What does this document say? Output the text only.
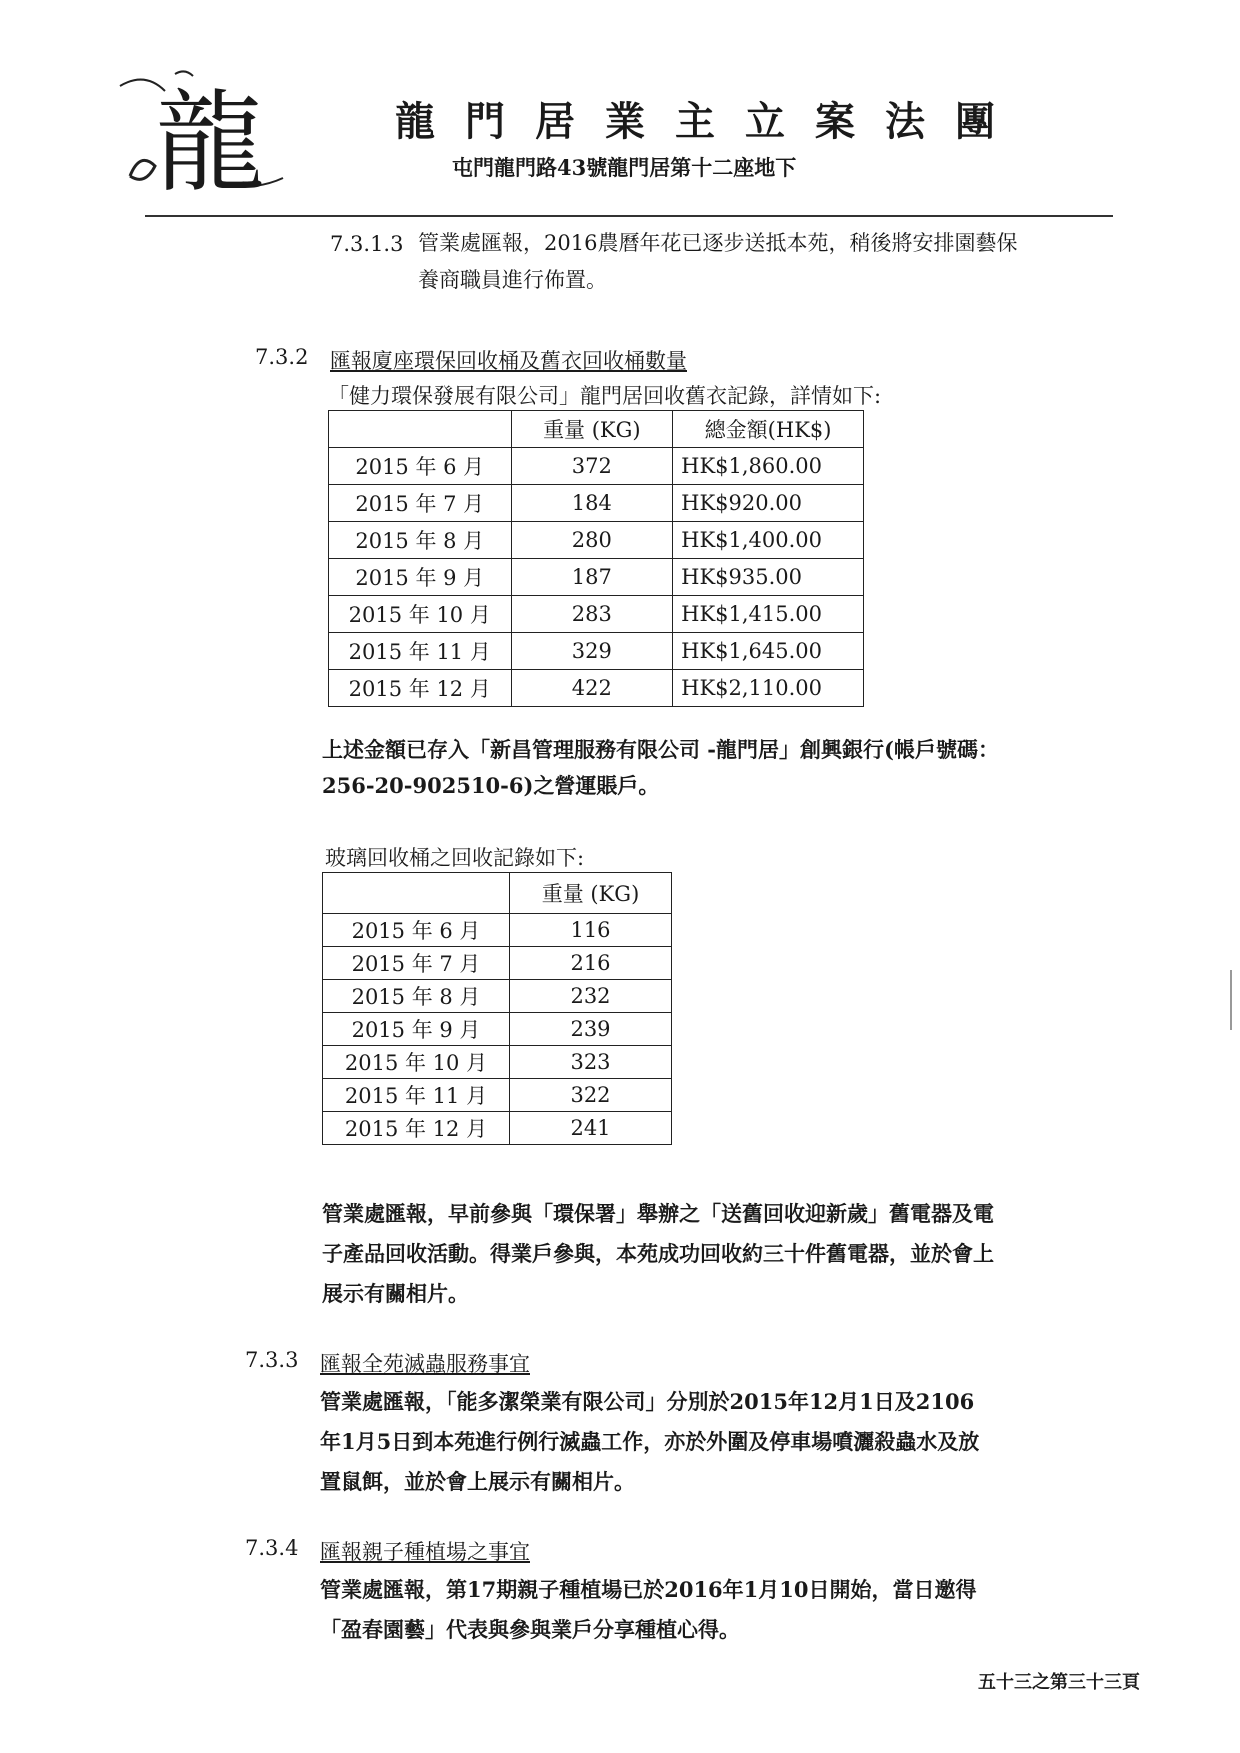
龍	龍門居業主立案法團
屯門龍門路43號龍門居第十二座地下
7.3.1.3 管業處匯報，2016農曆年花已逐步送抵本苑，稍後將安排園藝保
養商職員進行佈置。
7.3.2 匯報廈座環保回收桶及舊衣回收桶數量
「健力環保發展有限公司」龍門居回收舊衣記錄，詳情如下:
	重量 (KG)	總金額(HK$)
2015 年 6 月	372	HK$1,860.00
2015 年 7 月	184	HK$920.00
2015 年 8 月	280	HK$1,400.00
2015 年 9 月	187	HK$935.00
2015 年 10 月	283	HK$1,415.00
2015 年 11 月	329	HK$1,645.00
2015 年 12 月	422	HK$2,110.00
上述金額已存入「新昌管理服務有限公司 -龍門居」創興銀行(帳戶號碼：
256-20-902510-6)之營運賬戶。
玻璃回收桶之回收記錄如下:
	重量 (KG)
2015 年 6 月	116
2015 年 7 月	216
2015 年 8 月	232
2015 年 9 月	239
2015 年 10 月	323
2015 年 11 月	322
2015 年 12 月	241
管業處匯報，早前參與「環保署」舉辦之「送舊回收迎新歲」舊電器及電
子產品回收活動。得業戶參與，本苑成功回收約三十件舊電器，並於會上
展示有關相片。
7.3.3 匯報全苑滅蟲服務事宜
管業處匯報，「能多潔榮業有限公司」分別於2015年12月1日及2106
年1月5日到本苑進行例行滅蟲工作，亦於外圍及停車場噴灑殺蟲水及放
置鼠餌，並於會上展示有關相片。
7.3.4 匯報親子種植場之事宜
管業處匯報，第17期親子種植場已於2016年1月10日開始，當日邀得
「盈春園藝」代表與參與業戶分享種植心得。
五十三之第三十三頁
